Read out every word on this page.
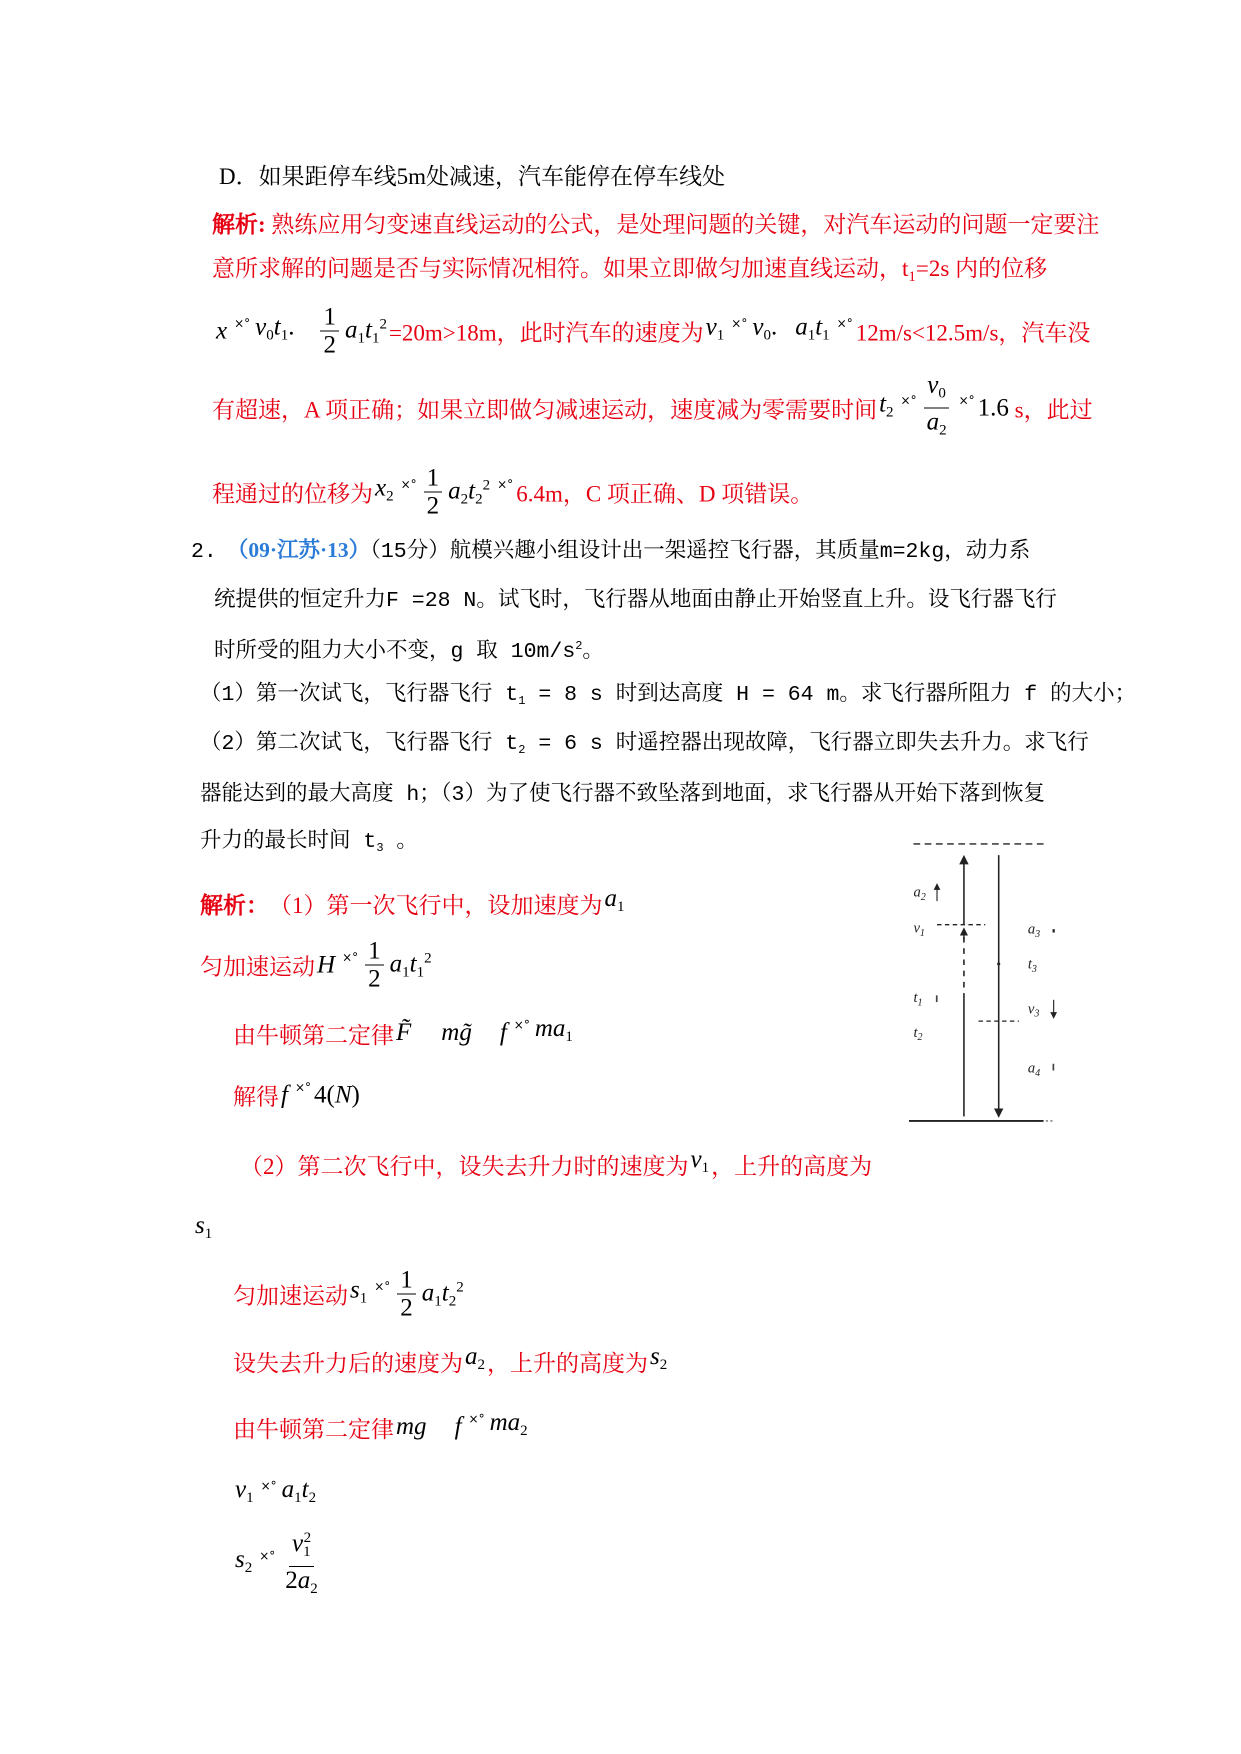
D．如果距停车线5m处减速，汽车能停在停车线处
解析: 熟练应用匀变速直线运动的公式，是处理问题的关键，对汽车运动的问题一定要注
意所求解的问题是否与实际情况相符。如果立即做匀加速直线运动，$t_1=2s$ 内的位移
x ×° $v_0t_1$. $\frac{1}{2} a_1t_1^2 =20m>18m$，此时汽车的速度为 $v_1$
×° $v_0$. $a_1t_1$
×° 12m/s<12.5m/s，汽车没
有超速，A 项正确；如果立即做匀减速运动，速度减为零需要时间 $t_2$
×° $\frac{v_0}{a_2}$ ×° 1.6 s，此过
程通过的位移为 $x_2$
×° $\frac{1}{2} a_2t_2^2$ ×° 6.4m，C 项正确、D 项错误。
2. （09·江苏·13）（15分）航模兴趣小组设计出一架遥控飞行器，其质量m=2kg，动力系
统提供的恒定升力F =28 N。试飞时，飞行器从地面由静止开始竖直上升。设飞行器飞行
时所受的阻力大小不变，g 取 $10m/s^2$。
（1）第一次试飞，飞行器飞行 $t_1 = 8$ s 时到达高度 H = 64 m。求飞行器所阻力 f 的大小；
（2）第二次试飞，飞行器飞行 $t_2 = 6$ s 时遥控器出现故障，飞行器立即失去升力。求飞行
器能达到的最大高度 h；（3）为了使飞行器不致坠落到地面，求飞行器从开始下落到恢复
升力的最长时间 $t_3$ 。
解析： （1）第一次飞行中，设加速度为 $a_1$
匀加速运动 H ×° $\frac{1}{2} a_1t_1^2$
由牛顿第二定律 F̃ mg̃ f ×° $ma_1$
解得 f ×° 4( N )
（2）第二次飞行中，设失去升力时的速度为 $v_1$ ，上升的高度为
$s_1$
匀加速运动 $s_1$
×° $\frac{1}{2} a_1t_2^2$
设失去升力后的速度为 $a_2$ ，上升的高度为 $s_2$
由牛顿第二定律 mg f ×° $ma_2$
$v_1$
×° $a_1t_2$
$s_2$
×° $\frac{v_1^2}{2a_2}$
$a_2$
$v_1$	$a_3$
$t_3$
$t_1$
$t_2$
$v_3$
$a_4$
